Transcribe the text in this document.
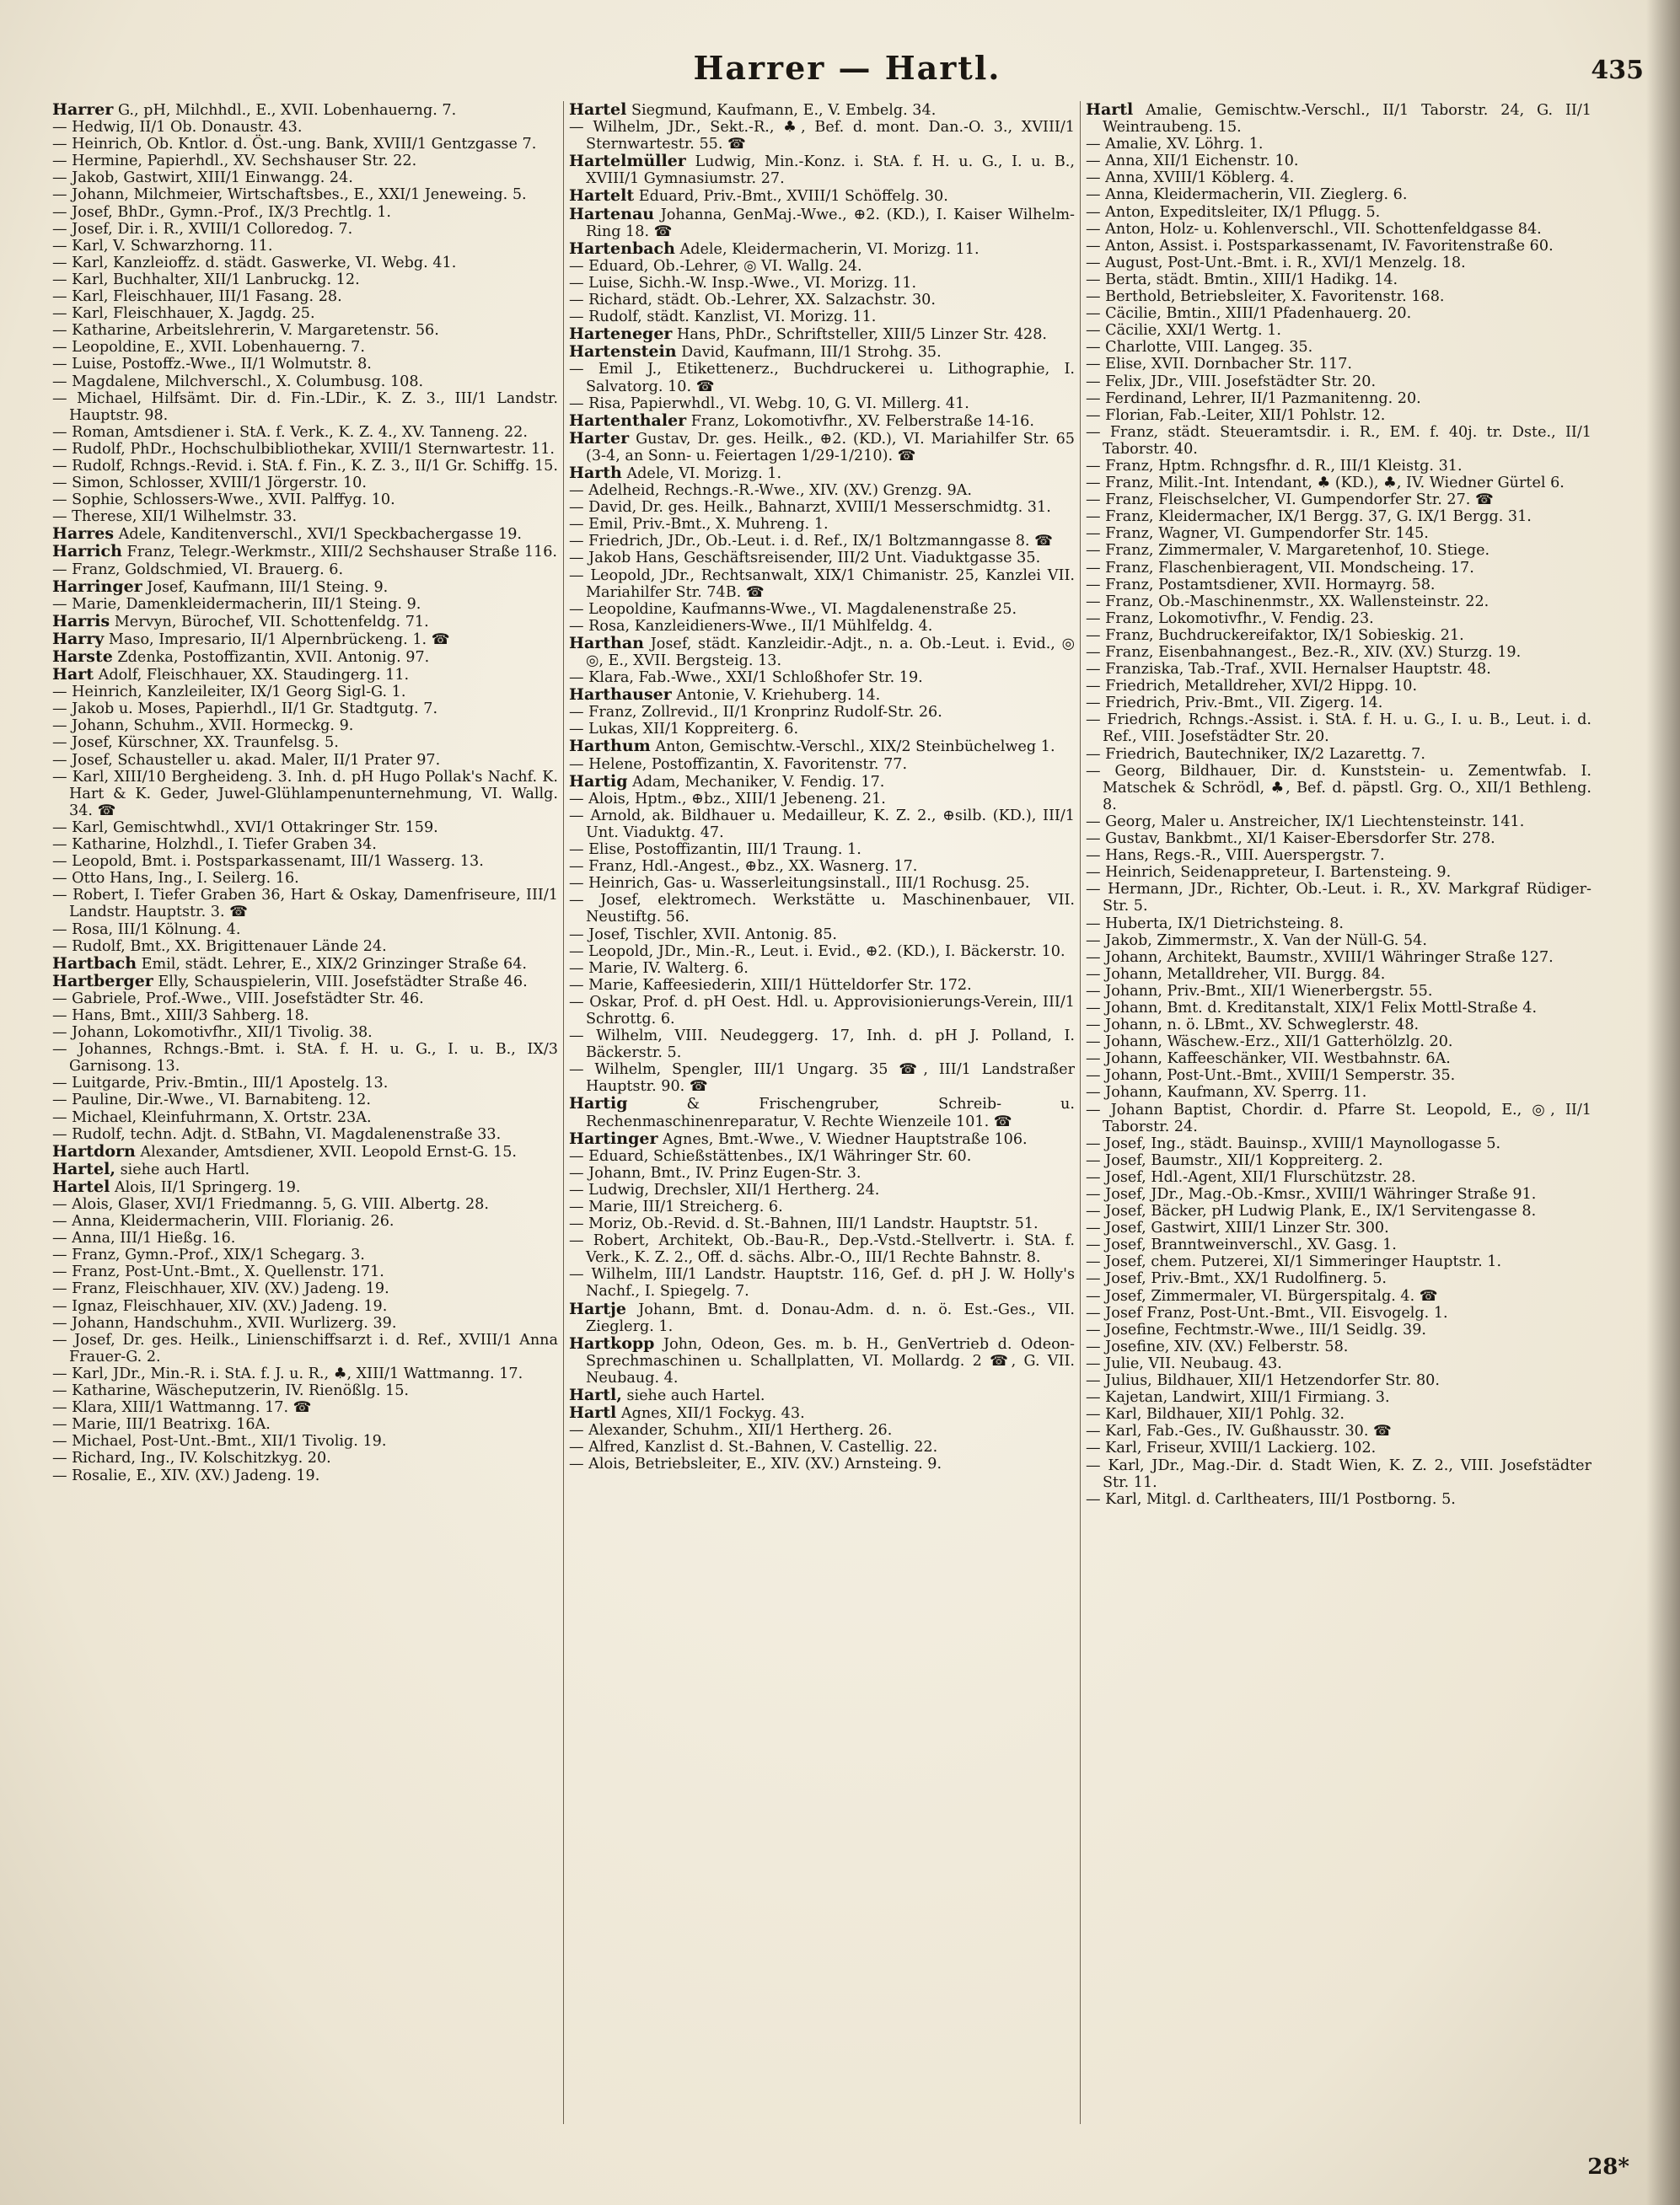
Harrer — Hartl.	435

Harrer G., pH, Milchhdl., E., XVII. Lobenhauerng. 7.

— Hedwig, II/1 Ob. Donaustr. 43.

— Heinrich, Ob. Kntlor. d. Öst.-ung. Bank, XVIII/1 Gentzgasse 7.

— Hermine, Papierhdl., XV. Sechshauser Str. 22.

— Jakob, Gastwirt, XIII/1 Einwangg. 24.

— Johann, Milchmeier, Wirtschaftsbes., E., XXI/1 Jeneweing. 5.

— Josef, BhDr., Gymn.-Prof., IX/3 Prechtlg. 1.

— Josef, Dir. i. R., XVIII/1 Colloredog. 7.

— Karl, V. Schwarzhorng. 11.

— Karl, Kanzleioffz. d. städt. Gaswerke, VI. Webg. 41.

— Karl, Buchhalter, XII/1 Lanbruckg. 12.

— Karl, Fleischhauer, III/1 Fasang. 28.

— Karl, Fleischhauer, X. Jagdg. 25.

— Katharine, Arbeitslehrerin, V. Margaretenstr. 56.

— Leopoldine, E., XVII. Lobenhauerng. 7.

— Luise, Postoffz.-Wwe., II/1 Wolmutstr. 8.

— Magdalene, Milchverschl., X. Columbusg. 108.

— Michael, Hilfsämt. Dir. d. Fin.-LDir., K. Z. 3., III/1 Landstr. Hauptstr. 98.

— Roman, Amtsdiener i. StA. f. Verk., K. Z. 4., XV. Tanneng. 22.

— Rudolf, PhDr., Hochschulbibliothekar, XVIII/1 Sternwartestr. 11.

— Rudolf, Rchngs.-Revid. i. StA. f. Fin., K. Z. 3., II/1 Gr. Schiffg. 15.

— Simon, Schlosser, XVIII/1 Jörgerstr. 10.

— Sophie, Schlossers-Wwe., XVII. Palffyg. 10.

— Therese, XII/1 Wilhelmstr. 33.

Harres Adele, Kanditenverschl., XVI/1 Speckbachergasse 19.

Harrich Franz, Telegr.-Werkmstr., XIII/2 Sechshauser Straße 116.

— Franz, Goldschmied, VI. Brauerg. 6.

Harringer Josef, Kaufmann, III/1 Steing. 9.

— Marie, Damenkleidermacherin, III/1 Steing. 9.

Harris Mervyn, Bürochef, VII. Schottenfeldg. 71.

Harry Maso, Impresario, II/1 Alpernbrückeng. 1. ☎

Harste Zdenka, Postoffizantin, XVII. Antonig. 97.

Hart Adolf, Fleischhauer, XX. Staudingerg. 11.

— Heinrich, Kanzleileiter, IX/1 Georg Sigl-G. 1.

— Jakob u. Moses, Papierhdl., II/1 Gr. Stadtgutg. 7.

— Johann, Schuhm., XVII. Hormeckg. 9.

— Josef, Kürschner, XX. Traunfelsg. 5.

— Josef, Schausteller u. akad. Maler, II/1 Prater 97.

— Karl, XIII/10 Bergheideng. 3. Inh. d. pH Hugo Pollak's Nachf. K. Hart & K. Geder, Juwel-Glühlampenunternehmung, VI. Wallg. 34. ☎

— Karl, Gemischtwhdl., XVI/1 Ottakringer Str. 159.

— Katharine, Holzhdl., I. Tiefer Graben 34.

— Leopold, Bmt. i. Postsparkassenamt, III/1 Wasserg. 13.

— Otto Hans, Ing., I. Seilerg. 16.

— Robert, I. Tiefer Graben 36, Hart & Oskay, Damenfriseure, III/1 Landstr. Hauptstr. 3. ☎

— Rosa, III/1 Kölnung. 4.

— Rudolf, Bmt., XX. Brigittenauer Lände 24.

Hartbach Emil, städt. Lehrer, E., XIX/2 Grinzinger Straße 64.

Hartberger Elly, Schauspielerin, VIII. Josefstädter Straße 46.

— Gabriele, Prof.-Wwe., VIII. Josefstädter Str. 46.

— Hans, Bmt., XIII/3 Sahberg. 18.

— Johann, Lokomotivfhr., XII/1 Tivolig. 38.

— Johannes, Rchngs.-Bmt. i. StA. f. H. u. G., I. u. B., IX/3 Garnisong. 13.

— Luitgarde, Priv.-Bmtin., III/1 Apostelg. 13.

— Pauline, Dir.-Wwe., VI. Barnabiteng. 12.

— Michael, Kleinfuhrmann, X. Ortstr. 23A.

— Rudolf, techn. Adjt. d. StBahn, VI. Magdalenenstraße 33.

Hartdorn Alexander, Amtsdiener, XVII. Leopold Ernst-G. 15.

Hartel, siehe auch Hartl.

Hartel Alois, II/1 Springerg. 19.

— Alois, Glaser, XVI/1 Friedmanng. 5, G. VIII. Albertg. 28.

— Anna, Kleidermacherin, VIII. Florianig. 26.

— Anna, III/1 Hießg. 16.

— Franz, Gymn.-Prof., XIX/1 Schegarg. 3.

— Franz, Post-Unt.-Bmt., X. Quellenstr. 171.

— Franz, Fleischhauer, XIV. (XV.) Jadeng. 19.

— Ignaz, Fleischhauer, XIV. (XV.) Jadeng. 19.

— Johann, Handschuhm., XVII. Wurlizerg. 39.

— Josef, Dr. ges. Heilk., Linienschiffsarzt i. d. Ref., XVIII/1 Anna Frauer-G. 2.

— Karl, JDr., Min.-R. i. StA. f. J. u. R., ♣, XIII/1 Wattmanng. 17.

— Katharine, Wäscheputzerin, IV. Rienößlg. 15.

— Klara, XIII/1 Wattmanng. 17. ☎

— Marie, III/1 Beatrixg. 16A.

— Michael, Post-Unt.-Bmt., XII/1 Tivolig. 19.

— Richard, Ing., IV. Kolschitzkyg. 20.

— Rosalie, E., XIV. (XV.) Jadeng. 19.

Hartel Siegmund, Kaufmann, E., V. Embelg. 34.

— Wilhelm, JDr., Sekt.-R., ♣, Bef. d. mont. Dan.-O. 3., XVIII/1 Sternwartestr. 55. ☎

Hartelmüller Ludwig, Min.-Konz. i. StA. f. H. u. G., I. u. B., XVIII/1 Gymnasiumstr. 27.

Hartelt Eduard, Priv.-Bmt., XVIII/1 Schöffelg. 30.

Hartenau Johanna, GenMaj.-Wwe., ⊕2. (KD.), I. Kaiser Wilhelm-Ring 18. ☎

Hartenbach Adele, Kleidermacherin, VI. Morizg. 11.

— Eduard, Ob.-Lehrer, ◎ VI. Wallg. 24.

— Luise, Sichh.-W. Insp.-Wwe., VI. Morizg. 11.

— Richard, städt. Ob.-Lehrer, XX. Salzachstr. 30.

— Rudolf, städt. Kanzlist, VI. Morizg. 11.

Harteneger Hans, PhDr., Schriftsteller, XIII/5 Linzer Str. 428.

Hartenstein David, Kaufmann, III/1 Strohg. 35.

— Emil J., Etikettenerz., Buchdruckerei u. Lithographie, I. Salvatorg. 10. ☎

— Risa, Papierwhdl., VI. Webg. 10, G. VI. Millerg. 41.

Hartenthaler Franz, Lokomotivfhr., XV. Felberstraße 14-16.

Harter Gustav, Dr. ges. Heilk., ⊕2. (KD.), VI. Mariahilfer Str. 65 (3-4, an Sonn- u. Feiertagen 1/29-1/210). ☎

Harth Adele, VI. Morizg. 1.

— Adelheid, Rechngs.-R.-Wwe., XIV. (XV.) Grenzg. 9A.

— David, Dr. ges. Heilk., Bahnarzt, XVIII/1 Messerschmidtg. 31.

— Emil, Priv.-Bmt., X. Muhreng. 1.

— Friedrich, JDr., Ob.-Leut. i. d. Ref., IX/1 Boltzmanngasse 8. ☎

— Jakob Hans, Geschäftsreisender, III/2 Unt. Viaduktgasse 35.

— Leopold, JDr., Rechtsanwalt, XIX/1 Chimanistr. 25, Kanzlei VII. Mariahilfer Str. 74B. ☎

— Leopoldine, Kaufmanns-Wwe., VI. Magdalenenstraße 25.

— Rosa, Kanzleidieners-Wwe., II/1 Mühlfeldg. 4.

Harthan Josef, städt. Kanzleidir.-Adjt., n. a. Ob.-Leut. i. Evid., ◎ ◎, E., XVII. Bergsteig. 13.

— Klara, Fab.-Wwe., XXI/1 Schloßhofer Str. 19.

Harthauser Antonie, V. Kriehuberg. 14.

— Franz, Zollrevid., II/1 Kronprinz Rudolf-Str. 26.

— Lukas, XII/1 Koppreiterg. 6.

Harthum Anton, Gemischtw.-Verschl., XIX/2 Steinbüchelweg 1.

— Helene, Postoffizantin, X. Favoritenstr. 77.

Hartig Adam, Mechaniker, V. Fendig. 17.

— Alois, Hptm., ⊕bz., XIII/1 Jebeneng. 21.

— Arnold, ak. Bildhauer u. Medailleur, K. Z. 2., ⊕silb. (KD.), III/1 Unt. Viaduktg. 47.

— Elise, Postoffizantin, III/1 Traung. 1.

— Franz, Hdl.-Angest., ⊕bz., XX. Wasnerg. 17.

— Heinrich, Gas- u. Wasserleitungsinstall., III/1 Rochusg. 25.

— Josef, elektromech. Werkstätte u. Maschinenbauer, VII. Neustiftg. 56.

— Josef, Tischler, XVII. Antonig. 85.

— Leopold, JDr., Min.-R., Leut. i. Evid., ⊕2. (KD.), I. Bäckerstr. 10.

— Marie, IV. Walterg. 6.

— Marie, Kaffeesiederin, XIII/1 Hütteldorfer Str. 172.

— Oskar, Prof. d. pH Oest. Hdl. u. Approvisionierungs-Verein, III/1 Schrottg. 6.

— Wilhelm, VIII. Neudeggerg. 17, Inh. d. pH J. Polland, I. Bäckerstr. 5.

— Wilhelm, Spengler, III/1 Ungarg. 35 ☎, III/1 Landstraßer Hauptstr. 90. ☎

Hartig & Frischengruber, Schreib- u. Rechenmaschinenreparatur, V. Rechte Wienzeile 101. ☎

Hartinger Agnes, Bmt.-Wwe., V. Wiedner Hauptstraße 106.

— Eduard, Schießstättenbes., IX/1 Währinger Str. 60.

— Johann, Bmt., IV. Prinz Eugen-Str. 3.

— Ludwig, Drechsler, XII/1 Hertherg. 24.

— Marie, III/1 Streicherg. 6.

— Moriz, Ob.-Revid. d. St.-Bahnen, III/1 Landstr. Hauptstr. 51.

— Robert, Architekt, Ob.-Bau-R., Dep.-Vstd.-Stellvertr. i. StA. f. Verk., K. Z. 2., Off. d. sächs. Albr.-O., III/1 Rechte Bahnstr. 8.

— Wilhelm, III/1 Landstr. Hauptstr. 116, Gef. d. pH J. W. Holly's Nachf., I. Spiegelg. 7.

Hartje Johann, Bmt. d. Donau-Adm. d. n. ö. Est.-Ges., VII. Zieglerg. 1.

Hartkopp John, Odeon, Ges. m. b. H., GenVertrieb d. Odeon-Sprechmaschinen u. Schallplatten, VI. Mollardg. 2 ☎, G. VII. Neubaug. 4.

Hartl, siehe auch Hartel.

Hartl Agnes, XII/1 Fockyg. 43.

— Alexander, Schuhm., XII/1 Hertherg. 26.

— Alfred, Kanzlist d. St.-Bahnen, V. Castellig. 22.

— Alois, Betriebsleiter, E., XIV. (XV.) Arnsteing. 9.

Hartl Amalie, Gemischtw.-Verschl., II/1 Taborstr. 24, G. II/1 Weintraubeng. 15.

— Amalie, XV. Löhrg. 1.

— Anna, XII/1 Eichenstr. 10.

— Anna, XVIII/1 Köblerg. 4.

— Anna, Kleidermacherin, VII. Zieglerg. 6.

— Anton, Expeditsleiter, IX/1 Pflugg. 5.

— Anton, Holz- u. Kohlenverschl., VII. Schottenfeldgasse 84.

— Anton, Assist. i. Postsparkassenamt, IV. Favoritenstraße 60.

— August, Post-Unt.-Bmt. i. R., XVI/1 Menzelg. 18.

— Berta, städt. Bmtin., XIII/1 Hadikg. 14.

— Berthold, Betriebsleiter, X. Favoritenstr. 168.

— Cäcilie, Bmtin., XIII/1 Pfadenhauerg. 20.

— Cäcilie, XXI/1 Wertg. 1.

— Charlotte, VIII. Langeg. 35.

— Elise, XVII. Dornbacher Str. 117.

— Felix, JDr., VIII. Josefstädter Str. 20.

— Ferdinand, Lehrer, II/1 Pazmanitenng. 20.

— Florian, Fab.-Leiter, XII/1 Pohlstr. 12.

— Franz, städt. Steueramtsdir. i. R., EM. f. 40j. tr. Dste., II/1 Taborstr. 40.

— Franz, Hptm. Rchngsfhr. d. R., III/1 Kleistg. 31.

— Franz, Milit.-Int. Intendant, ♣ (KD.), ♣, IV. Wiedner Gürtel 6.

— Franz, Fleischselcher, VI. Gumpendorfer Str. 27. ☎

— Franz, Kleidermacher, IX/1 Bergg. 37, G. IX/1 Bergg. 31.

— Franz, Wagner, VI. Gumpendorfer Str. 145.

— Franz, Zimmermaler, V. Margaretenhof, 10. Stiege.

— Franz, Flaschenbieragent, VII. Mondscheing. 17.

— Franz, Postamtsdiener, XVII. Hormayrg. 58.

— Franz, Ob.-Maschinenmstr., XX. Wallensteinstr. 22.

— Franz, Lokomotivfhr., V. Fendig. 23.

— Franz, Buchdruckereifaktor, IX/1 Sobieskig. 21.

— Franz, Eisenbahnangest., Bez.-R., XIV. (XV.) Sturzg. 19.

— Franziska, Tab.-Traf., XVII. Hernalser Hauptstr. 48.

— Friedrich, Metalldreher, XVI/2 Hippg. 10.

— Friedrich, Priv.-Bmt., VII. Zigerg. 14.

— Friedrich, Rchngs.-Assist. i. StA. f. H. u. G., I. u. B., Leut. i. d. Ref., VIII. Josefstädter Str. 20.

— Friedrich, Bautechniker, IX/2 Lazarettg. 7.

— Georg, Bildhauer, Dir. d. Kunststein- u. Zementwfab. I. Matschek & Schrödl, ♣, Bef. d. päpstl. Grg. O., XII/1 Bethleng. 8.

— Georg, Maler u. Anstreicher, IX/1 Liechtensteinstr. 141.

— Gustav, Bankbmt., XI/1 Kaiser-Ebersdorfer Str. 278.

— Hans, Regs.-R., VIII. Auerspergstr. 7.

— Heinrich, Seidenappreteur, I. Bartensteing. 9.

— Hermann, JDr., Richter, Ob.-Leut. i. R., XV. Markgraf Rüdiger-Str. 5.

— Huberta, IX/1 Dietrichsteing. 8.

— Jakob, Zimmermstr., X. Van der Nüll-G. 54.

— Johann, Architekt, Baumstr., XVIII/1 Währinger Straße 127.

— Johann, Metalldreher, VII. Burgg. 84.

— Johann, Priv.-Bmt., XII/1 Wienerbergstr. 55.

— Johann, Bmt. d. Kreditanstalt, XIX/1 Felix Mottl-Straße 4.

— Johann, n. ö. LBmt., XV. Schweglerstr. 48.

— Johann, Wäschew.-Erz., XII/1 Gatterhölzlg. 20.

— Johann, Kaffeeschänker, VII. Westbahnstr. 6A.

— Johann, Post-Unt.-Bmt., XVIII/1 Semperstr. 35.

— Johann, Kaufmann, XV. Sperrg. 11.

— Johann Baptist, Chordir. d. Pfarre St. Leopold, E., ◎, II/1 Taborstr. 24.

— Josef, Ing., städt. Bauinsp., XVIII/1 Maynollogasse 5.

— Josef, Baumstr., XII/1 Koppreiterg. 2.

— Josef, Hdl.-Agent, XII/1 Flurschützstr. 28.

— Josef, JDr., Mag.-Ob.-Kmsr., XVIII/1 Währinger Straße 91.

— Josef, Bäcker, pH Ludwig Plank, E., IX/1 Servitengasse 8.

— Josef, Gastwirt, XIII/1 Linzer Str. 300.

— Josef, Branntweinverschl., XV. Gasg. 1.

— Josef, chem. Putzerei, XI/1 Simmeringer Hauptstr. 1.

— Josef, Priv.-Bmt., XX/1 Rudolfinerg. 5.

— Josef, Zimmermaler, VI. Bürgerspitalg. 4. ☎

— Josef Franz, Post-Unt.-Bmt., VII. Eisvogelg. 1.

— Josefine, Fechtmstr.-Wwe., III/1 Seidlg. 39.

— Josefine, XIV. (XV.) Felberstr. 58.

— Julie, VII. Neubaug. 43.

— Julius, Bildhauer, XII/1 Hetzendorfer Str. 80.

— Kajetan, Landwirt, XIII/1 Firmiang. 3.

— Karl, Bildhauer, XII/1 Pohlg. 32.

— Karl, Fab.-Ges., IV. Gußhausstr. 30. ☎

— Karl, Friseur, XVIII/1 Lackierg. 102.

— Karl, JDr., Mag.-Dir. d. Stadt Wien, K. Z. 2., VIII. Josefstädter Str. 11.

— Karl, Mitgl. d. Carltheaters, III/1 Postborng. 5.

28*
